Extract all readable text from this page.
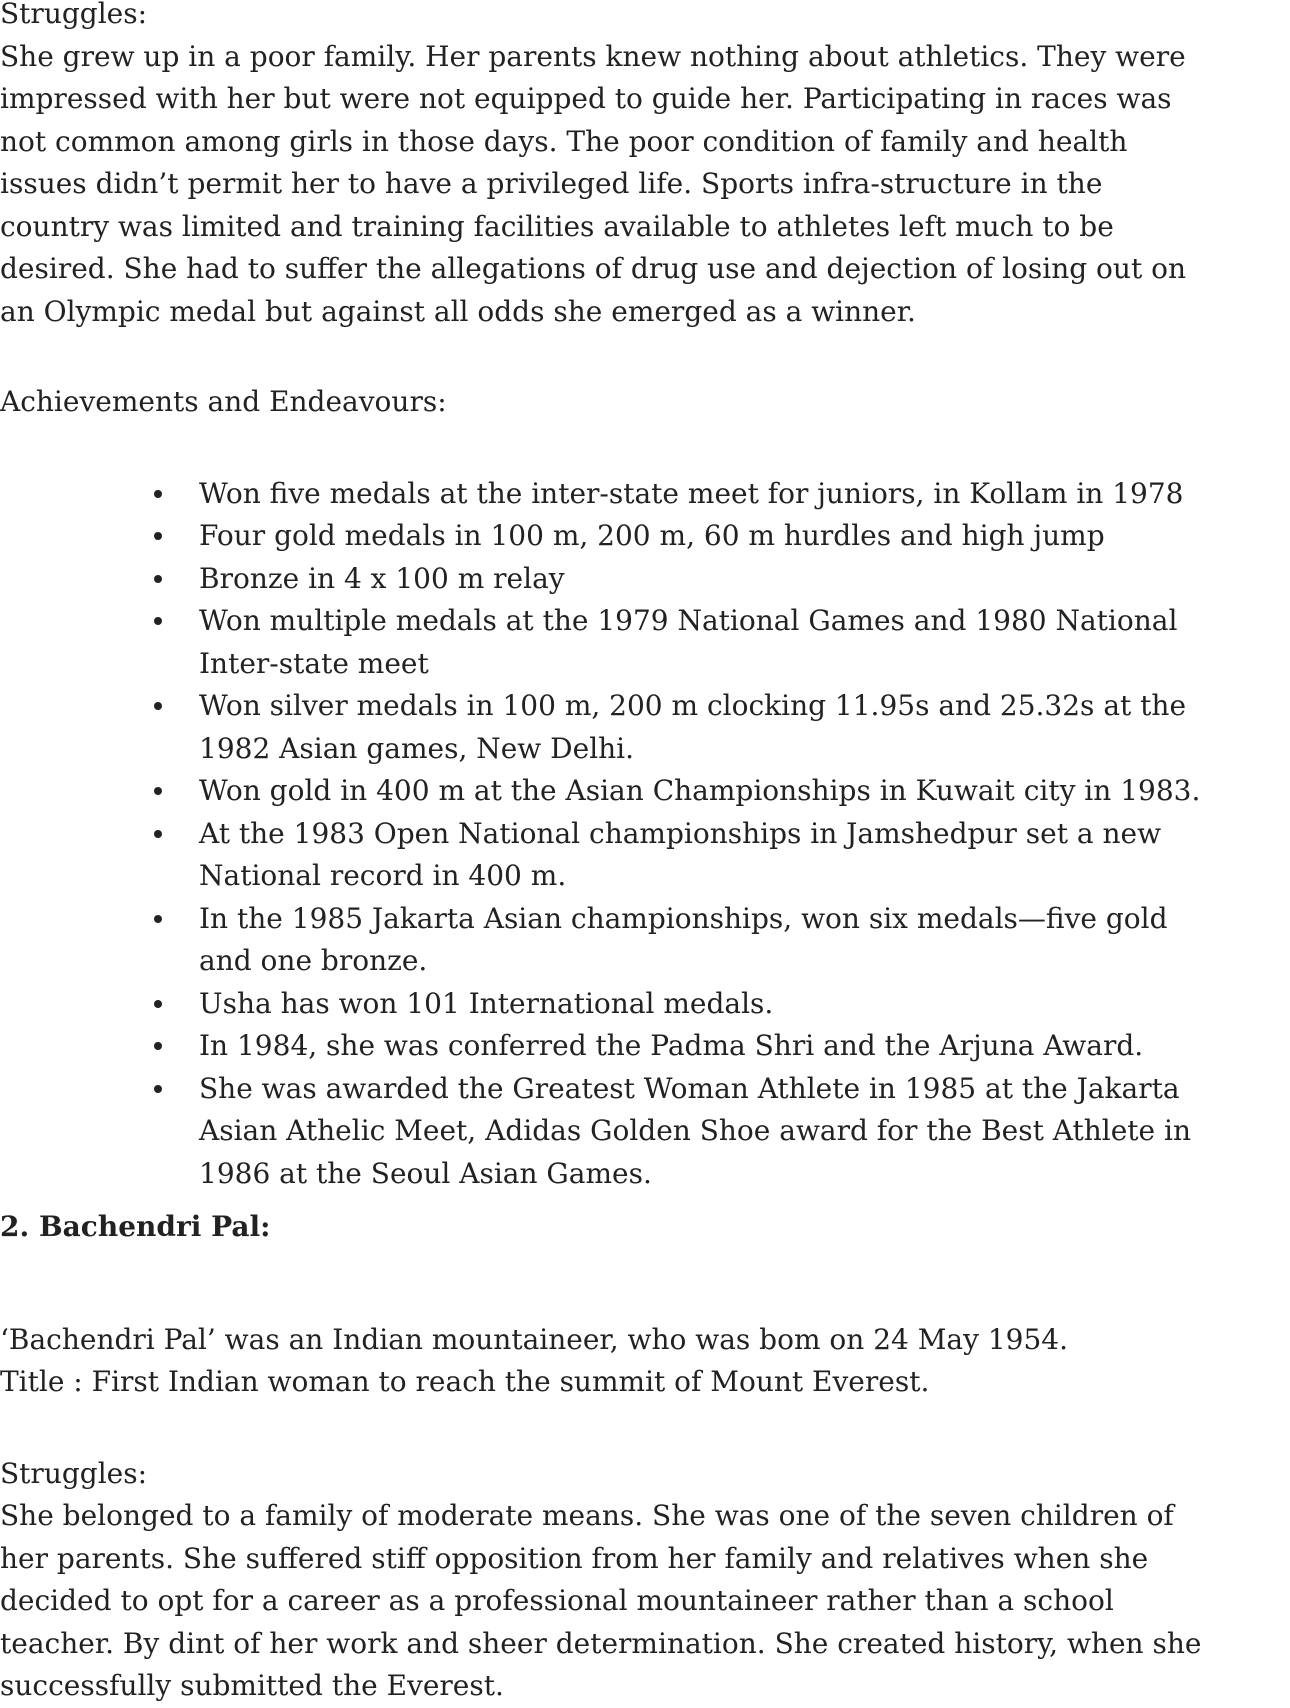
Struggles:
She grew up in a poor family. Her parents knew nothing about athletics. They were
impressed with her but were not equipped to guide her. Participating in races was
not common among girls in those days. The poor condition of family and health
issues didn’t permit her to have a privileged life. Sports infra-structure in the
country was limited and training facilities available to athletes left much to be
desired. She had to suffer the allegations of drug use and dejection of losing out on
an Olympic medal but against all odds she emerged as a winner.
Achievements and Endeavours:
Won five medals at the inter-state meet for juniors, in Kollam in 1978
Four gold medals in 100 m, 200 m, 60 m hurdles and high jump
Bronze in 4 x 100 m relay
Won multiple medals at the 1979 National Games and 1980 National
Inter-state meet
Won silver medals in 100 m, 200 m clocking 11.95s and 25.32s at the
1982 Asian games, New Delhi.
Won gold in 400 m at the Asian Championships in Kuwait city in 1983.
At the 1983 Open National championships in Jamshedpur set a new
National record in 400 m.
In the 1985 Jakarta Asian championships, won six medals—five gold
and one bronze.
Usha has won 101 International medals.
In 1984, she was conferred the Padma Shri and the Arjuna Award.
She was awarded the Greatest Woman Athlete in 1985 at the Jakarta
Asian Athelic Meet, Adidas Golden Shoe award for the Best Athlete in
1986 at the Seoul Asian Games.
2. Bachendri Pal:
‘Bachendri Pal’ was an Indian mountaineer, who was bom on 24 May 1954.
Title : First Indian woman to reach the summit of Mount Everest.
Struggles:
She belonged to a family of moderate means. She was one of the seven children of
her parents. She suffered stiff opposition from her family and relatives when she
decided to opt for a career as a professional mountaineer rather than a school
teacher. By dint of her work and sheer determination. She created history, when she
successfully submitted the Everest.
